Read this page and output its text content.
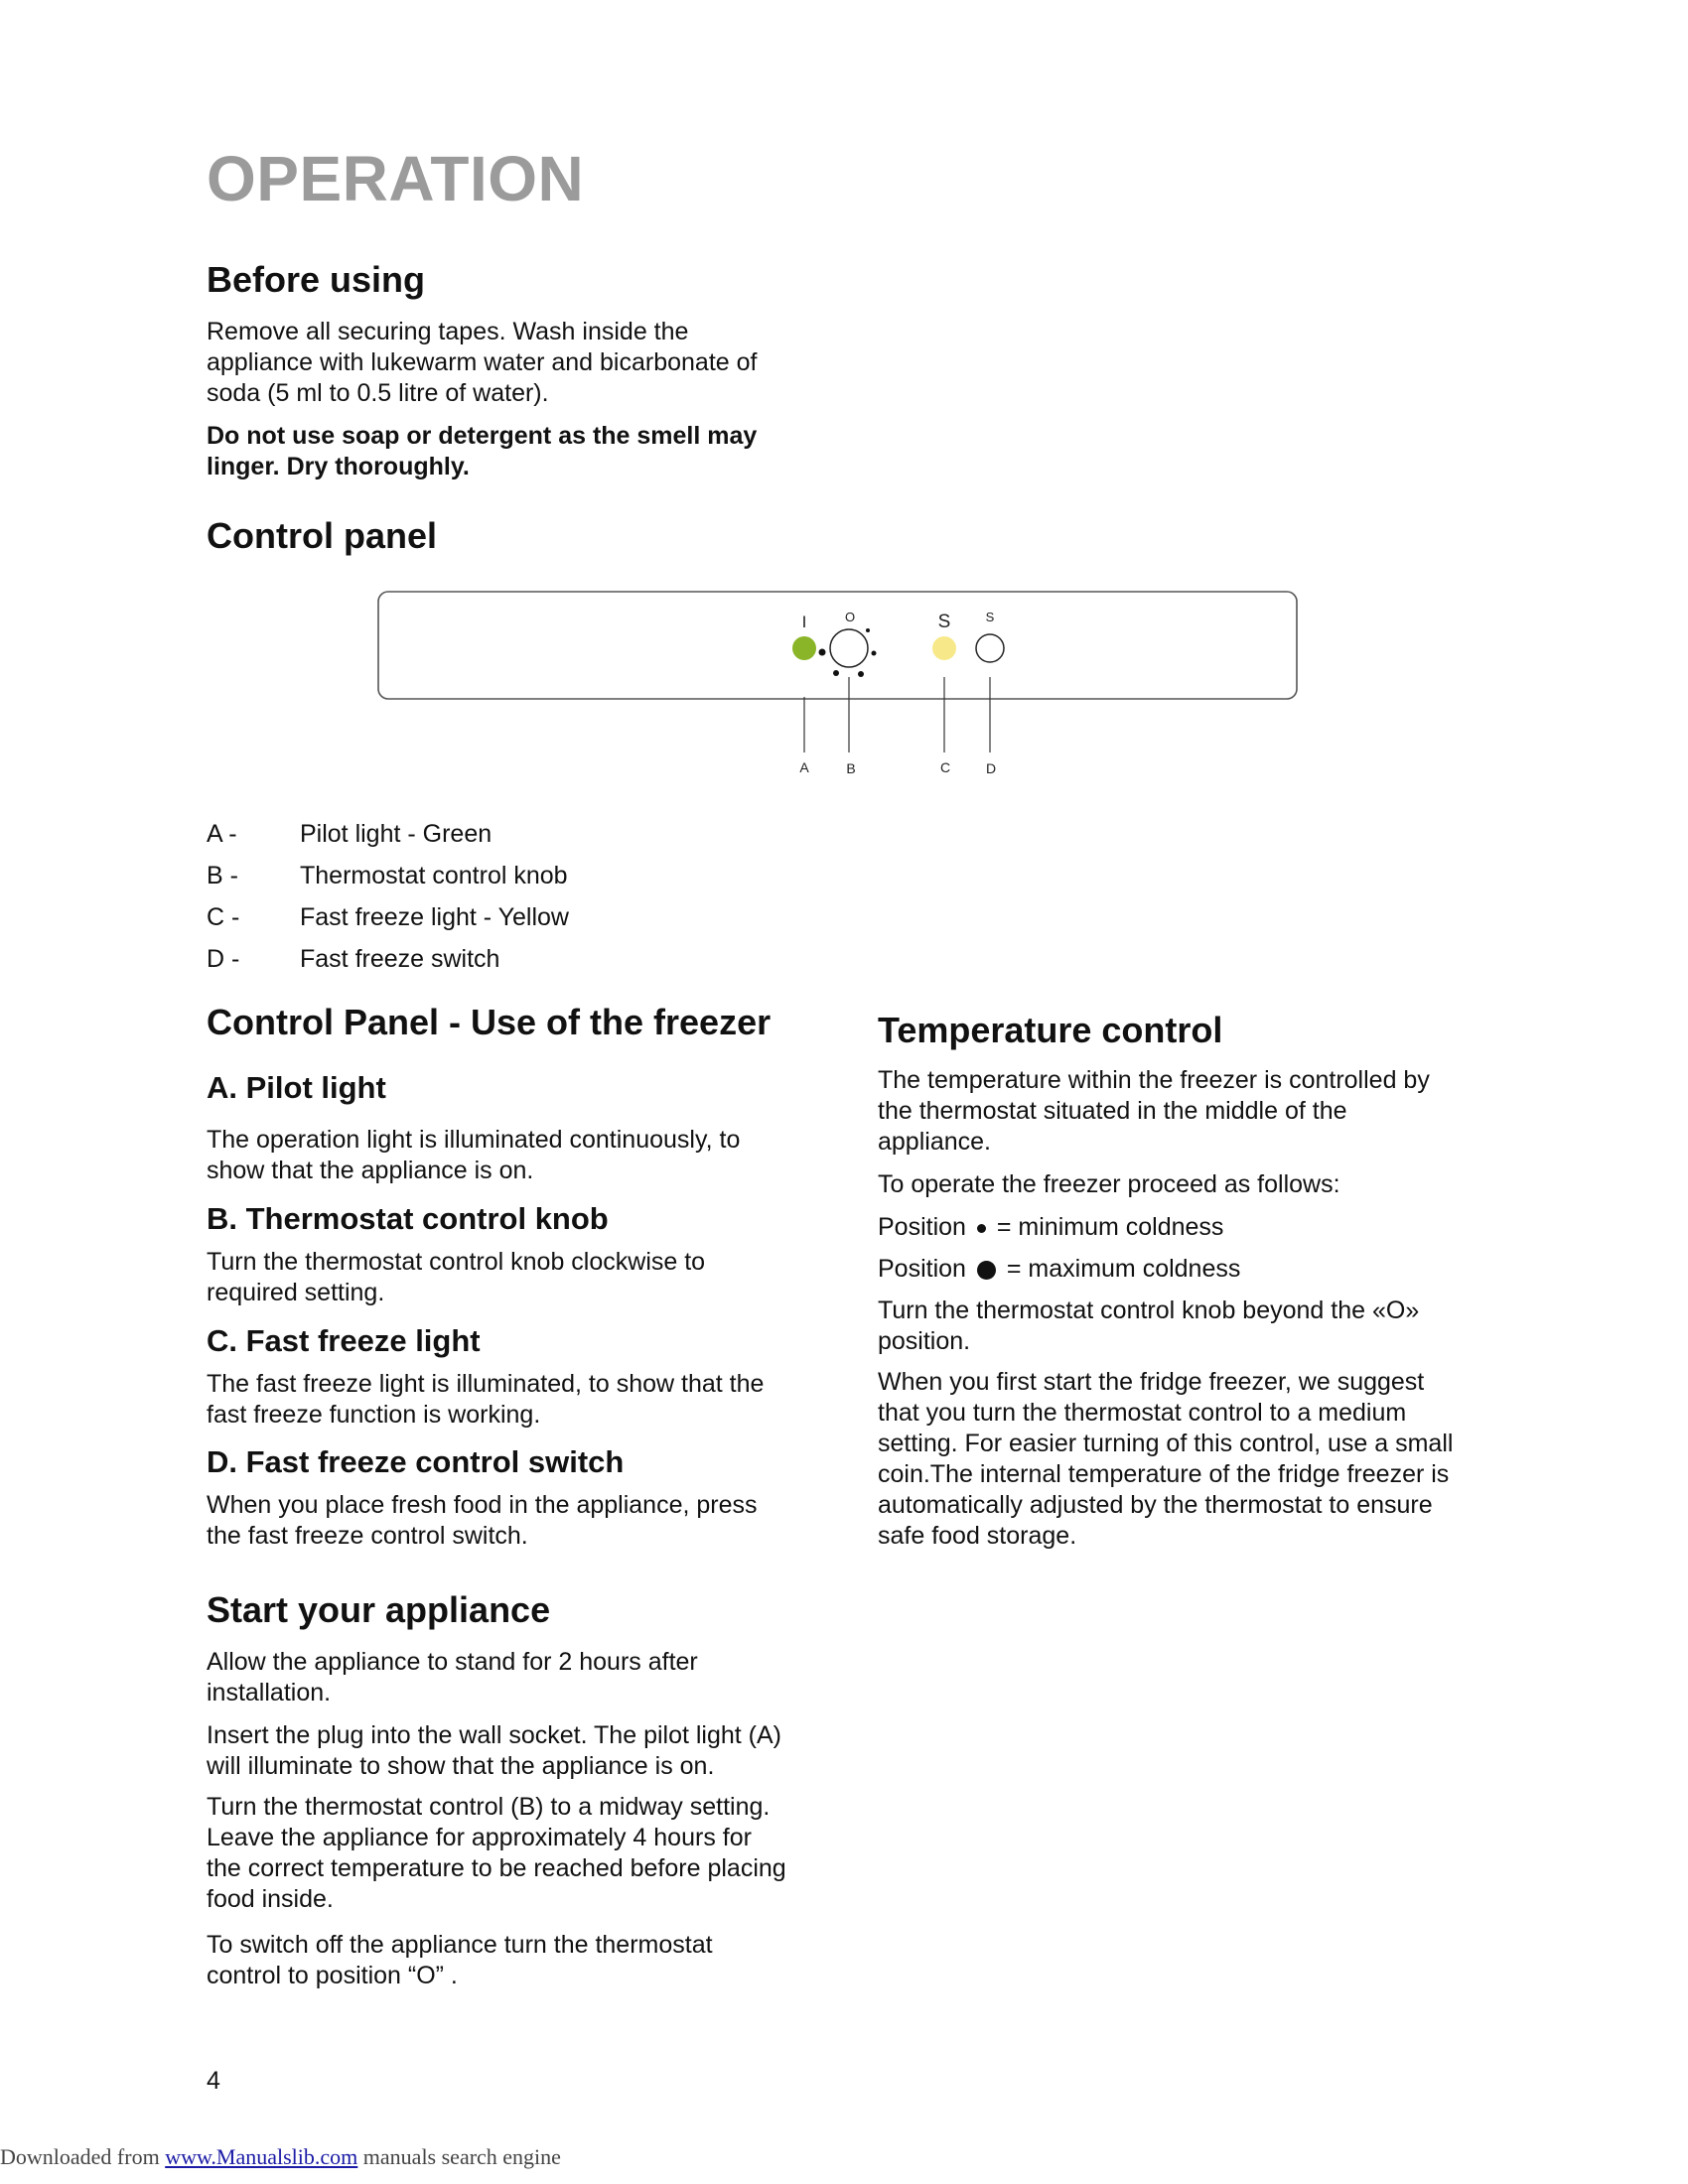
OPERATION
Before using
Remove all securing tapes. Wash inside the
appliance with lukewarm water and bicarbonate of
soda (5 ml to 0.5 litre of water).
Do not use soap or detergent as the smell may
linger. Dry thoroughly.
Control panel
I	O	S	S
A	B	C	D
A -	Pilot light - Green
B -	Thermostat control knob
C -	Fast freeze light - Yellow
D -	Fast freeze switch
Control Panel - Use of the freezer
A. Pilot light
The operation light is illuminated continuously, to
show that the appliance is on.
B. Thermostat control knob
Turn the thermostat control knob clockwise to
required setting.
C. Fast freeze light
The fast freeze light is illuminated, to show that the
fast freeze function is working.
D. Fast freeze control switch
When you place fresh food in the appliance, press
the fast freeze control switch.
Start your appliance
Allow the appliance to stand for 2 hours after
installation.
Insert the plug into the wall socket. The pilot light (A)
will illuminate to show that the appliance is on.
Turn the thermostat control (B) to a midway setting.
Leave the appliance for approximately 4 hours for
the correct temperature to be reached before placing
food inside.
To switch off the appliance turn the thermostat
control to position “O” .
Temperature control
The temperature within the freezer is controlled by
the thermostat situated in the middle of the
appliance.
To operate the freezer proceed as follows:
Position = minimum coldness
Position = maximum coldness
Turn the thermostat control knob beyond the «O»
position.
When you first start the fridge freezer, we suggest
that you turn the thermostat control to a medium
setting. For easier turning of this control, use a small
coin.The internal temperature of the fridge freezer is
automatically adjusted by the thermostat to ensure
safe food storage.
4
Downloaded from www.Manualslib.com manuals search engine
